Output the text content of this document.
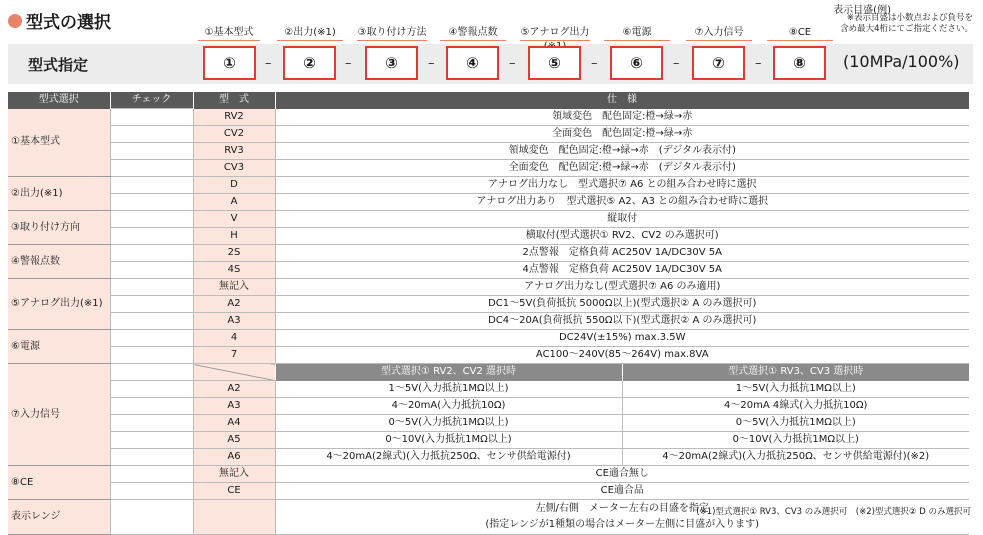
型式の選択
表示目盛(例)
※表示目盛は小数点および負号を
含め最大4桁にてご指定ください。
型式指定
①基本型式	②出力(※1)	③取り付け方法	④警報点数	⑤アナログ出力	⑥電源	⑦入力信号	⑧CE
①	–	②	–	③	–	④	–	⑤	–	⑥	–	⑦	–	⑧	(10MPa/100%)
型式選択	チェック	型　式	仕　様	
①基本型式		RV2	領域変色　配色固定:橙→緑→赤	
		CV2	全面変色　配色固定:橙→緑→赤	
		RV3	領域変色　配色固定:橙→緑→赤　(デジタル表示付)	
		CV3	全面変色　配色固定:橙→緑→赤　(デジタル表示付)	
②出力(※1)		D	アナログ出力なし　型式選択⑦ A6 との組み合わせ時に選択	
		A	アナログ出力あり　型式選択⑤ A2、A3 との組み合わせ時に選択	
③取り付け方向		V	縦取付	
		H	横取付(型式選択① RV2、CV2 のみ選択可)	
④警報点数		2S	2点警報　定格負荷 AC250V 1A/DC30V 5A	
		4S	4点警報　定格負荷 AC250V 1A/DC30V 5A	
⑤アナログ出力(※1)		無記入	アナログ出力なし(型式選択⑦ A6 のみ適用)	
		A2	DC1～5V(負荷抵抗 5000Ω以上)(型式選択② A のみ選択可)	
		A3	DC4～20A(負荷抵抗 550Ω以下)(型式選択② A のみ選択可)	
⑥電源		4	DC24V(±15%) max.3.5W	
		7	AC100～240V(85～264V) max.8VA	
⑦入力信号			型式選択① RV2、CV2 選択時	型式選択① RV3、CV3 選択時
		A2	1～5V(入力抵抗1MΩ以上)	1～5V(入力抵抗1MΩ以上)
		A3	4～20mA(入力抵抗10Ω)	4～20mA 4線式(入力抵抗10Ω)
		A4	0～5V(入力抵抗1MΩ以上)	0～5V(入力抵抗1MΩ以上)
		A5	0～10V(入力抵抗1MΩ以上)	0～10V(入力抵抗1MΩ以上)
		A6	4～20mA(2線式)(入力抵抗250Ω、センサ供給電源付)	4～20mA(2線式)(入力抵抗250Ω、センサ供給電源付)(※2)
⑧CE		無記入	CE適合無し	
		CE	CE適合品	
表示レンジ			左側/右側　メーター左右の目盛を指定
(指定レンジが1種類の場合はメーター左側に目盛が入ります)	
(※1)型式選択① RV3、CV3 のみ選択可　(※2)型式選択② D のみ選択可
